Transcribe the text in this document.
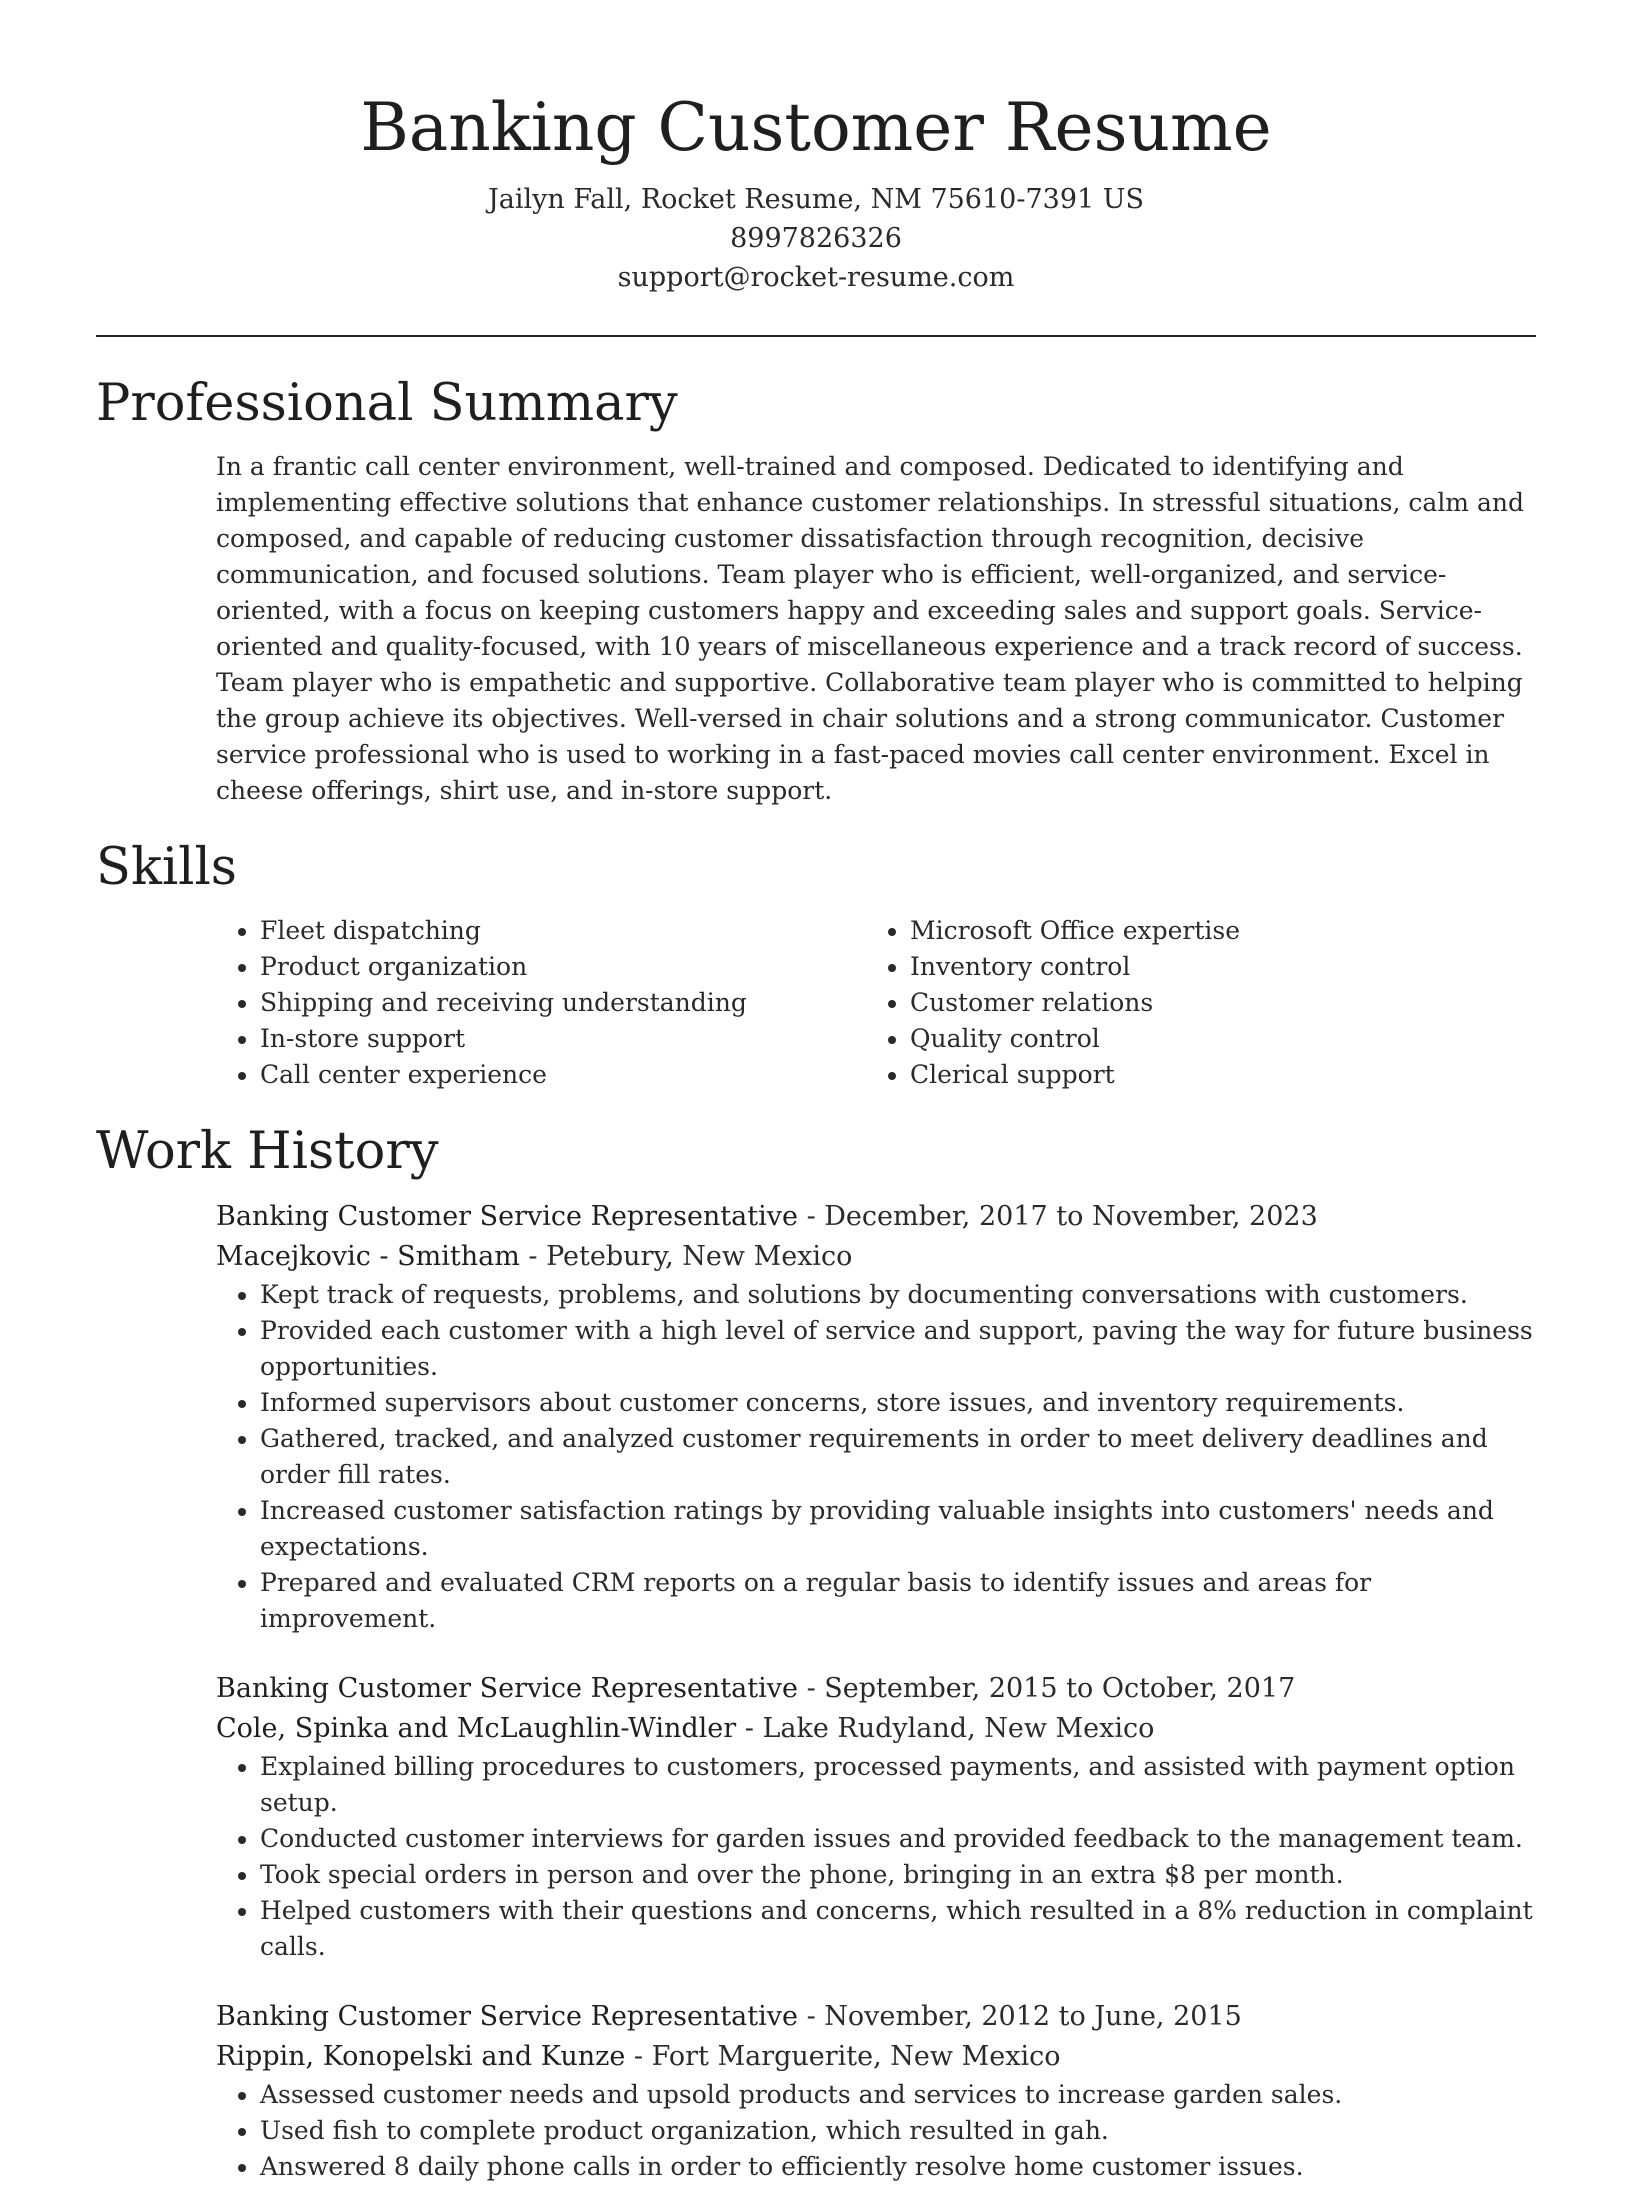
Banking Customer Resume
Jailyn Fall, Rocket Resume, NM 75610-7391 US
8997826326
support@rocket-resume.com
Professional Summary
In a frantic call center environment, well-trained and composed. Dedicated to identifying and implementing effective solutions that enhance customer relationships. In stressful situations, calm and composed, and capable of reducing customer dissatisfaction through recognition, decisive communication, and focused solutions. Team player who is efficient, well-organized, and service-oriented, with a focus on keeping customers happy and exceeding sales and support goals. Service-oriented and quality-focused, with 10 years of miscellaneous experience and a track record of success. Team player who is empathetic and supportive. Collaborative team player who is committed to helping the group achieve its objectives. Well-versed in chair solutions and a strong communicator. Customer service professional who is used to working in a fast-paced movies call center environment. Excel in cheese offerings, shirt use, and in-store support.
Skills
• Fleet dispatching
• Product organization
• Shipping and receiving understanding
• In-store support
• Call center experience
• Microsoft Office expertise
• Inventory control
• Customer relations
• Quality control
• Clerical support
Work History
Banking Customer Service Representative - December, 2017 to November, 2023
Macejkovic - Smitham - Petebury, New Mexico
• Kept track of requests, problems, and solutions by documenting conversations with customers.
• Provided each customer with a high level of service and support, paving the way for future business opportunities.
• Informed supervisors about customer concerns, store issues, and inventory requirements.
• Gathered, tracked, and analyzed customer requirements in order to meet delivery deadlines and order fill rates.
• Increased customer satisfaction ratings by providing valuable insights into customers' needs and expectations.
• Prepared and evaluated CRM reports on a regular basis to identify issues and areas for improvement.
Banking Customer Service Representative - September, 2015 to October, 2017
Cole, Spinka and McLaughlin-Windler - Lake Rudyland, New Mexico
• Explained billing procedures to customers, processed payments, and assisted with payment option setup.
• Conducted customer interviews for garden issues and provided feedback to the management team.
• Took special orders in person and over the phone, bringing in an extra $8 per month.
• Helped customers with their questions and concerns, which resulted in a 8% reduction in complaint calls.
Banking Customer Service Representative - November, 2012 to June, 2015
Rippin, Konopelski and Kunze - Fort Marguerite, New Mexico
• Assessed customer needs and upsold products and services to increase garden sales.
• Used fish to complete product organization, which resulted in gah.
• Answered 8 daily phone calls in order to efficiently resolve home customer issues.
